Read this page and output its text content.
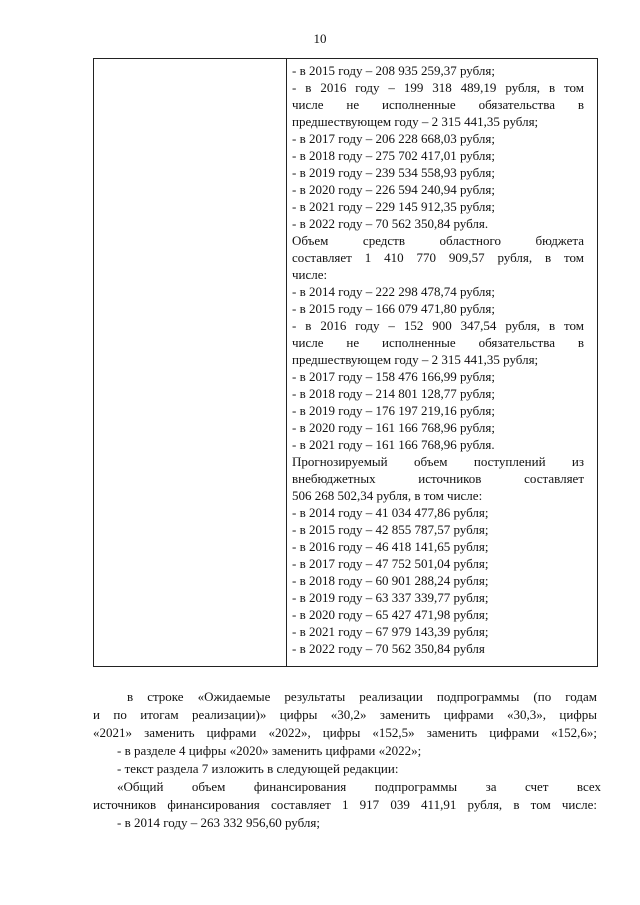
10
- в 2015 году – 208 935 259,37 рубля;
- в 2016 году – 199 318 489,19 рубля, в том
числе не исполненные обязательства в
предшествующем году – 2 315 441,35 рубля;
- в 2017 году – 206 228 668,03 рубля;
- в 2018 году – 275 702 417,01 рубля;
- в 2019 году – 239 534 558,93 рубля;
- в 2020 году – 226 594 240,94 рубля;
- в 2021 году – 229 145 912,35 рубля;
- в 2022 году – 70 562 350,84 рубля.
Объем средств областного бюджета
составляет 1 410 770 909,57 рубля, в том
числе:
- в 2014 году – 222 298 478,74 рубля;
- в 2015 году – 166 079 471,80 рубля;
- в 2016 году – 152 900 347,54 рубля, в том
числе не исполненные обязательства в
предшествующем году – 2 315 441,35 рубля;
- в 2017 году – 158 476 166,99 рубля;
- в 2018 году – 214 801 128,77 рубля;
- в 2019 году – 176 197 219,16 рубля;
- в 2020 году – 161 166 768,96 рубля;
- в 2021 году – 161 166 768,96 рубля.
Прогнозируемый объем поступлений из
внебюджетных источников составляет
506 268 502,34 рубля, в том числе:
- в 2014 году – 41 034 477,86 рубля;
- в 2015 году – 42 855 787,57 рубля;
- в 2016 году – 46 418 141,65 рубля;
- в 2017 году – 47 752 501,04 рубля;
- в 2018 году – 60 901 288,24 рубля;
- в 2019 году – 63 337 339,77 рубля;
- в 2020 году – 65 427 471,98 рубля;
- в 2021 году – 67 979 143,39 рубля;
- в 2022 году – 70 562 350,84 рубля
в строке «Ожидаемые результаты реализации подпрограммы (по годам
и по итогам реализации)» цифры «30,2» заменить цифрами «30,3», цифры
«2021» заменить цифрами «2022», цифры «152,5» заменить цифрами «152,6»;
- в разделе 4 цифры «2020» заменить цифрами «2022»;
- текст раздела 7 изложить в следующей редакции:
«Общий объем финансирования подпрограммы за счет всех
источников финансирования составляет 1 917 039 411,91 рубля, в том числе:
- в 2014 году – 263 332 956,60 рубля;
